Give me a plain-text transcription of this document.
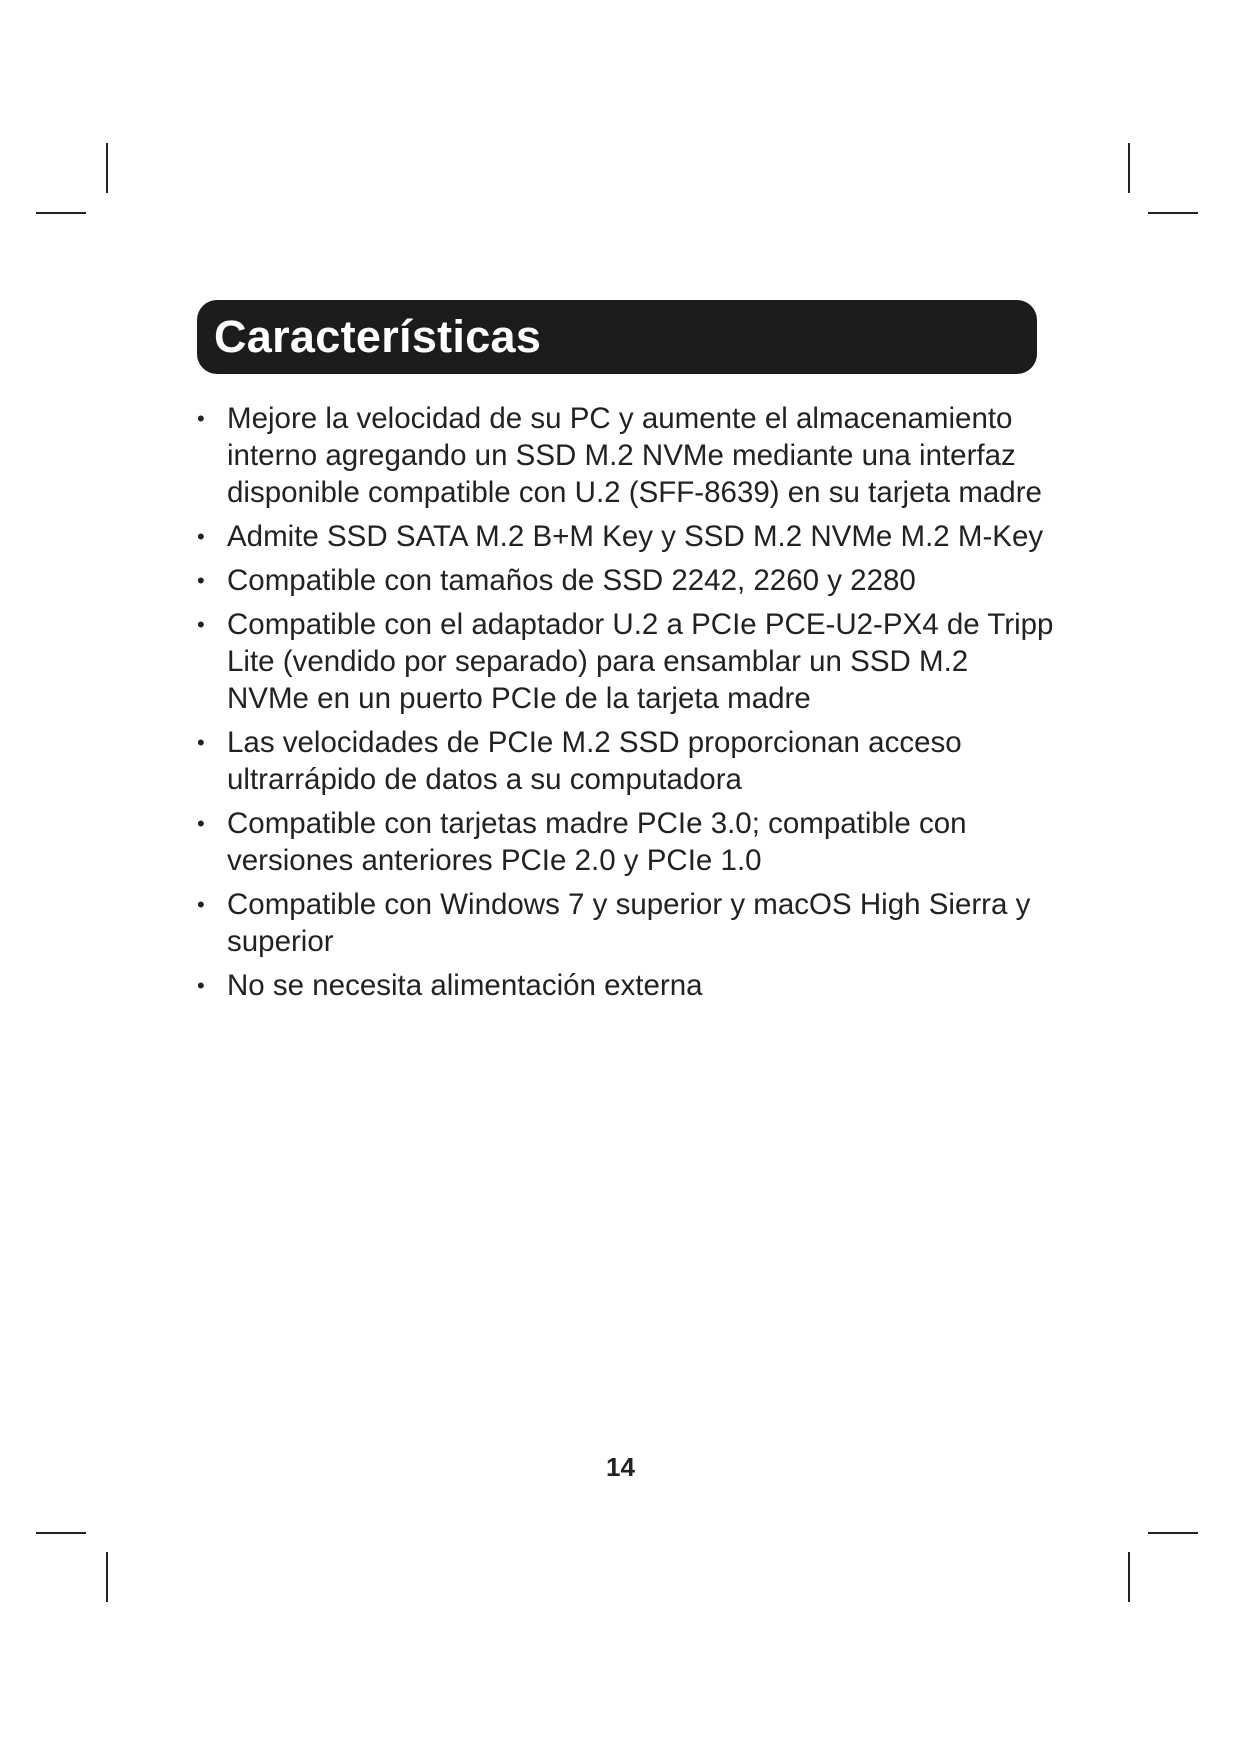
Características
• Mejore la velocidad de su PC y aumente el almacenamiento interno agregando un SSD M.2 NVMe mediante una interfaz disponible compatible con U.2 (SFF-8639) en su tarjeta madre
• Admite SSD SATA M.2 B+M Key y SSD M.2 NVMe M.2 M-Key
• Compatible con tamaños de SSD 2242, 2260 y 2280
• Compatible con el adaptador U.2 a PCIe PCE-U2-PX4 de Tripp Lite (vendido por separado) para ensamblar un SSD M.2 NVMe en un puerto PCIe de la tarjeta madre
• Las velocidades de PCIe M.2 SSD proporcionan acceso ultrarrápido de datos a su computadora
• Compatible con tarjetas madre PCIe 3.0; compatible con versiones anteriores PCIe 2.0 y PCIe 1.0
• Compatible con Windows 7 y superior y macOS High Sierra y superior
• No se necesita alimentación externa
14
